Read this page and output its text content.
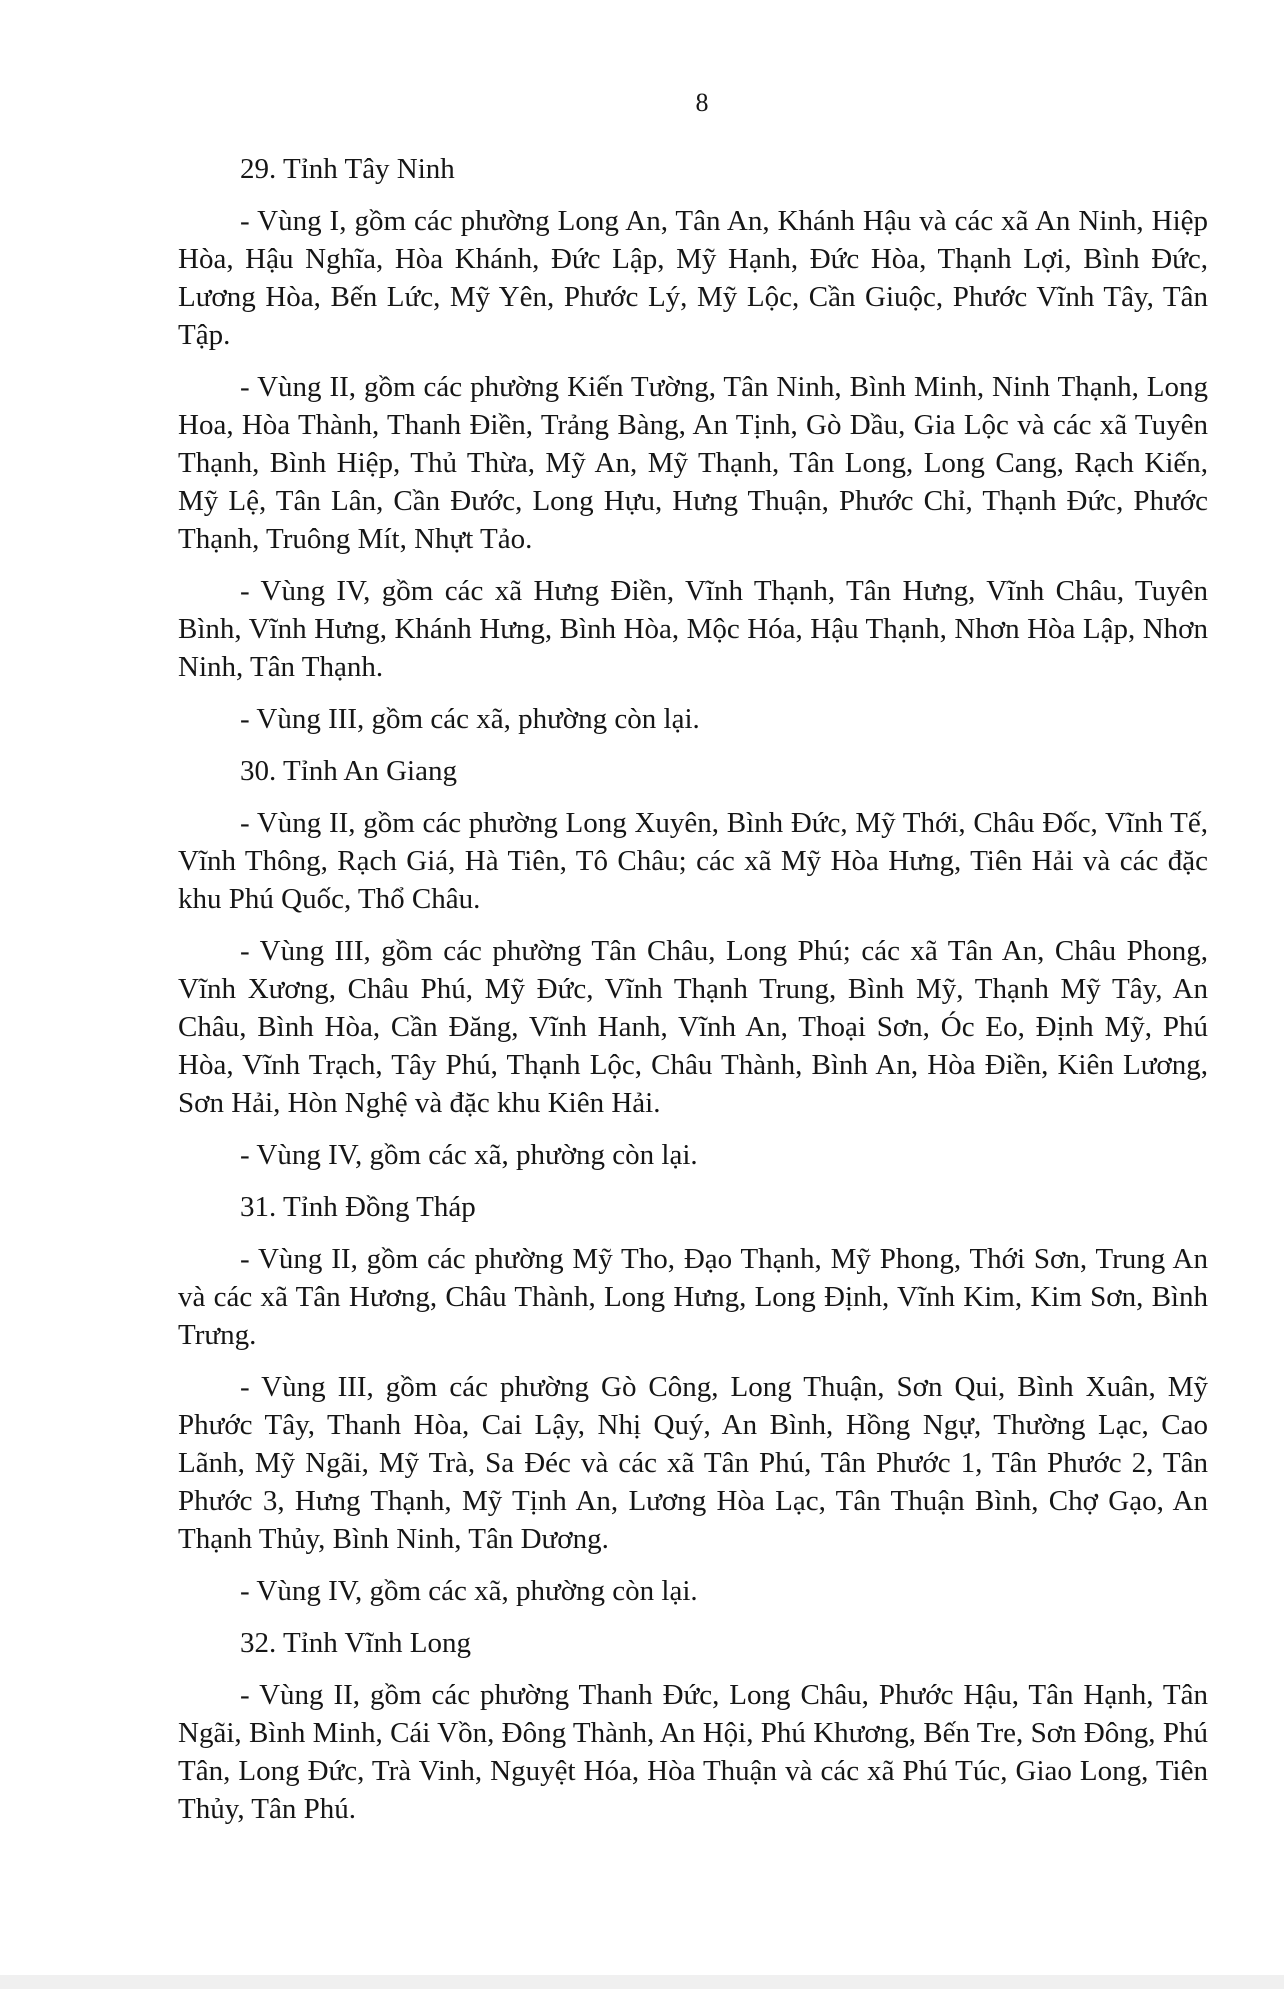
8

29. Tỉnh Tây Ninh

- Vùng I, gồm các phường Long An, Tân An, Khánh Hậu và các xã An Ninh, Hiệp Hòa, Hậu Nghĩa, Hòa Khánh, Đức Lập, Mỹ Hạnh, Đức Hòa, Thạnh Lợi, Bình Đức, Lương Hòa, Bến Lức, Mỹ Yên, Phước Lý, Mỹ Lộc, Cần Giuộc, Phước Vĩnh Tây, Tân Tập.

- Vùng II, gồm các phường Kiến Tường, Tân Ninh, Bình Minh, Ninh Thạnh, Long Hoa, Hòa Thành, Thanh Điền, Trảng Bàng, An Tịnh, Gò Dầu, Gia Lộc và các xã Tuyên Thạnh, Bình Hiệp, Thủ Thừa, Mỹ An, Mỹ Thạnh, Tân Long, Long Cang, Rạch Kiến, Mỹ Lệ, Tân Lân, Cần Đước, Long Hựu, Hưng Thuận, Phước Chỉ, Thạnh Đức, Phước Thạnh, Truông Mít, Nhựt Tảo.

- Vùng IV, gồm các xã Hưng Điền, Vĩnh Thạnh, Tân Hưng, Vĩnh Châu, Tuyên Bình, Vĩnh Hưng, Khánh Hưng, Bình Hòa, Mộc Hóa, Hậu Thạnh, Nhơn Hòa Lập, Nhơn Ninh, Tân Thạnh.

- Vùng III, gồm các xã, phường còn lại.

30. Tỉnh An Giang

- Vùng II, gồm các phường Long Xuyên, Bình Đức, Mỹ Thới, Châu Đốc, Vĩnh Tế, Vĩnh Thông, Rạch Giá, Hà Tiên, Tô Châu; các xã Mỹ Hòa Hưng, Tiên Hải và các đặc khu Phú Quốc, Thổ Châu.

- Vùng III, gồm các phường Tân Châu, Long Phú; các xã Tân An, Châu Phong, Vĩnh Xương, Châu Phú, Mỹ Đức, Vĩnh Thạnh Trung, Bình Mỹ, Thạnh Mỹ Tây, An Châu, Bình Hòa, Cần Đăng, Vĩnh Hanh, Vĩnh An, Thoại Sơn, Óc Eo, Định Mỹ, Phú Hòa, Vĩnh Trạch, Tây Phú, Thạnh Lộc, Châu Thành, Bình An, Hòa Điền, Kiên Lương, Sơn Hải, Hòn Nghệ và đặc khu Kiên Hải.

- Vùng IV, gồm các xã, phường còn lại.

31. Tỉnh Đồng Tháp

- Vùng II, gồm các phường Mỹ Tho, Đạo Thạnh, Mỹ Phong, Thới Sơn, Trung An và các xã Tân Hương, Châu Thành, Long Hưng, Long Định, Vĩnh Kim, Kim Sơn, Bình Trưng.

- Vùng III, gồm các phường Gò Công, Long Thuận, Sơn Qui, Bình Xuân, Mỹ Phước Tây, Thanh Hòa, Cai Lậy, Nhị Quý, An Bình, Hồng Ngự, Thường Lạc, Cao Lãnh, Mỹ Ngãi, Mỹ Trà, Sa Đéc và các xã Tân Phú, Tân Phước 1, Tân Phước 2, Tân Phước 3, Hưng Thạnh, Mỹ Tịnh An, Lương Hòa Lạc, Tân Thuận Bình, Chợ Gạo, An Thạnh Thủy, Bình Ninh, Tân Dương.

- Vùng IV, gồm các xã, phường còn lại.

32. Tỉnh Vĩnh Long

- Vùng II, gồm các phường Thanh Đức, Long Châu, Phước Hậu, Tân Hạnh, Tân Ngãi, Bình Minh, Cái Vồn, Đông Thành, An Hội, Phú Khương, Bến Tre, Sơn Đông, Phú Tân, Long Đức, Trà Vinh, Nguyệt Hóa, Hòa Thuận và các xã Phú Túc, Giao Long, Tiên Thủy, Tân Phú.
